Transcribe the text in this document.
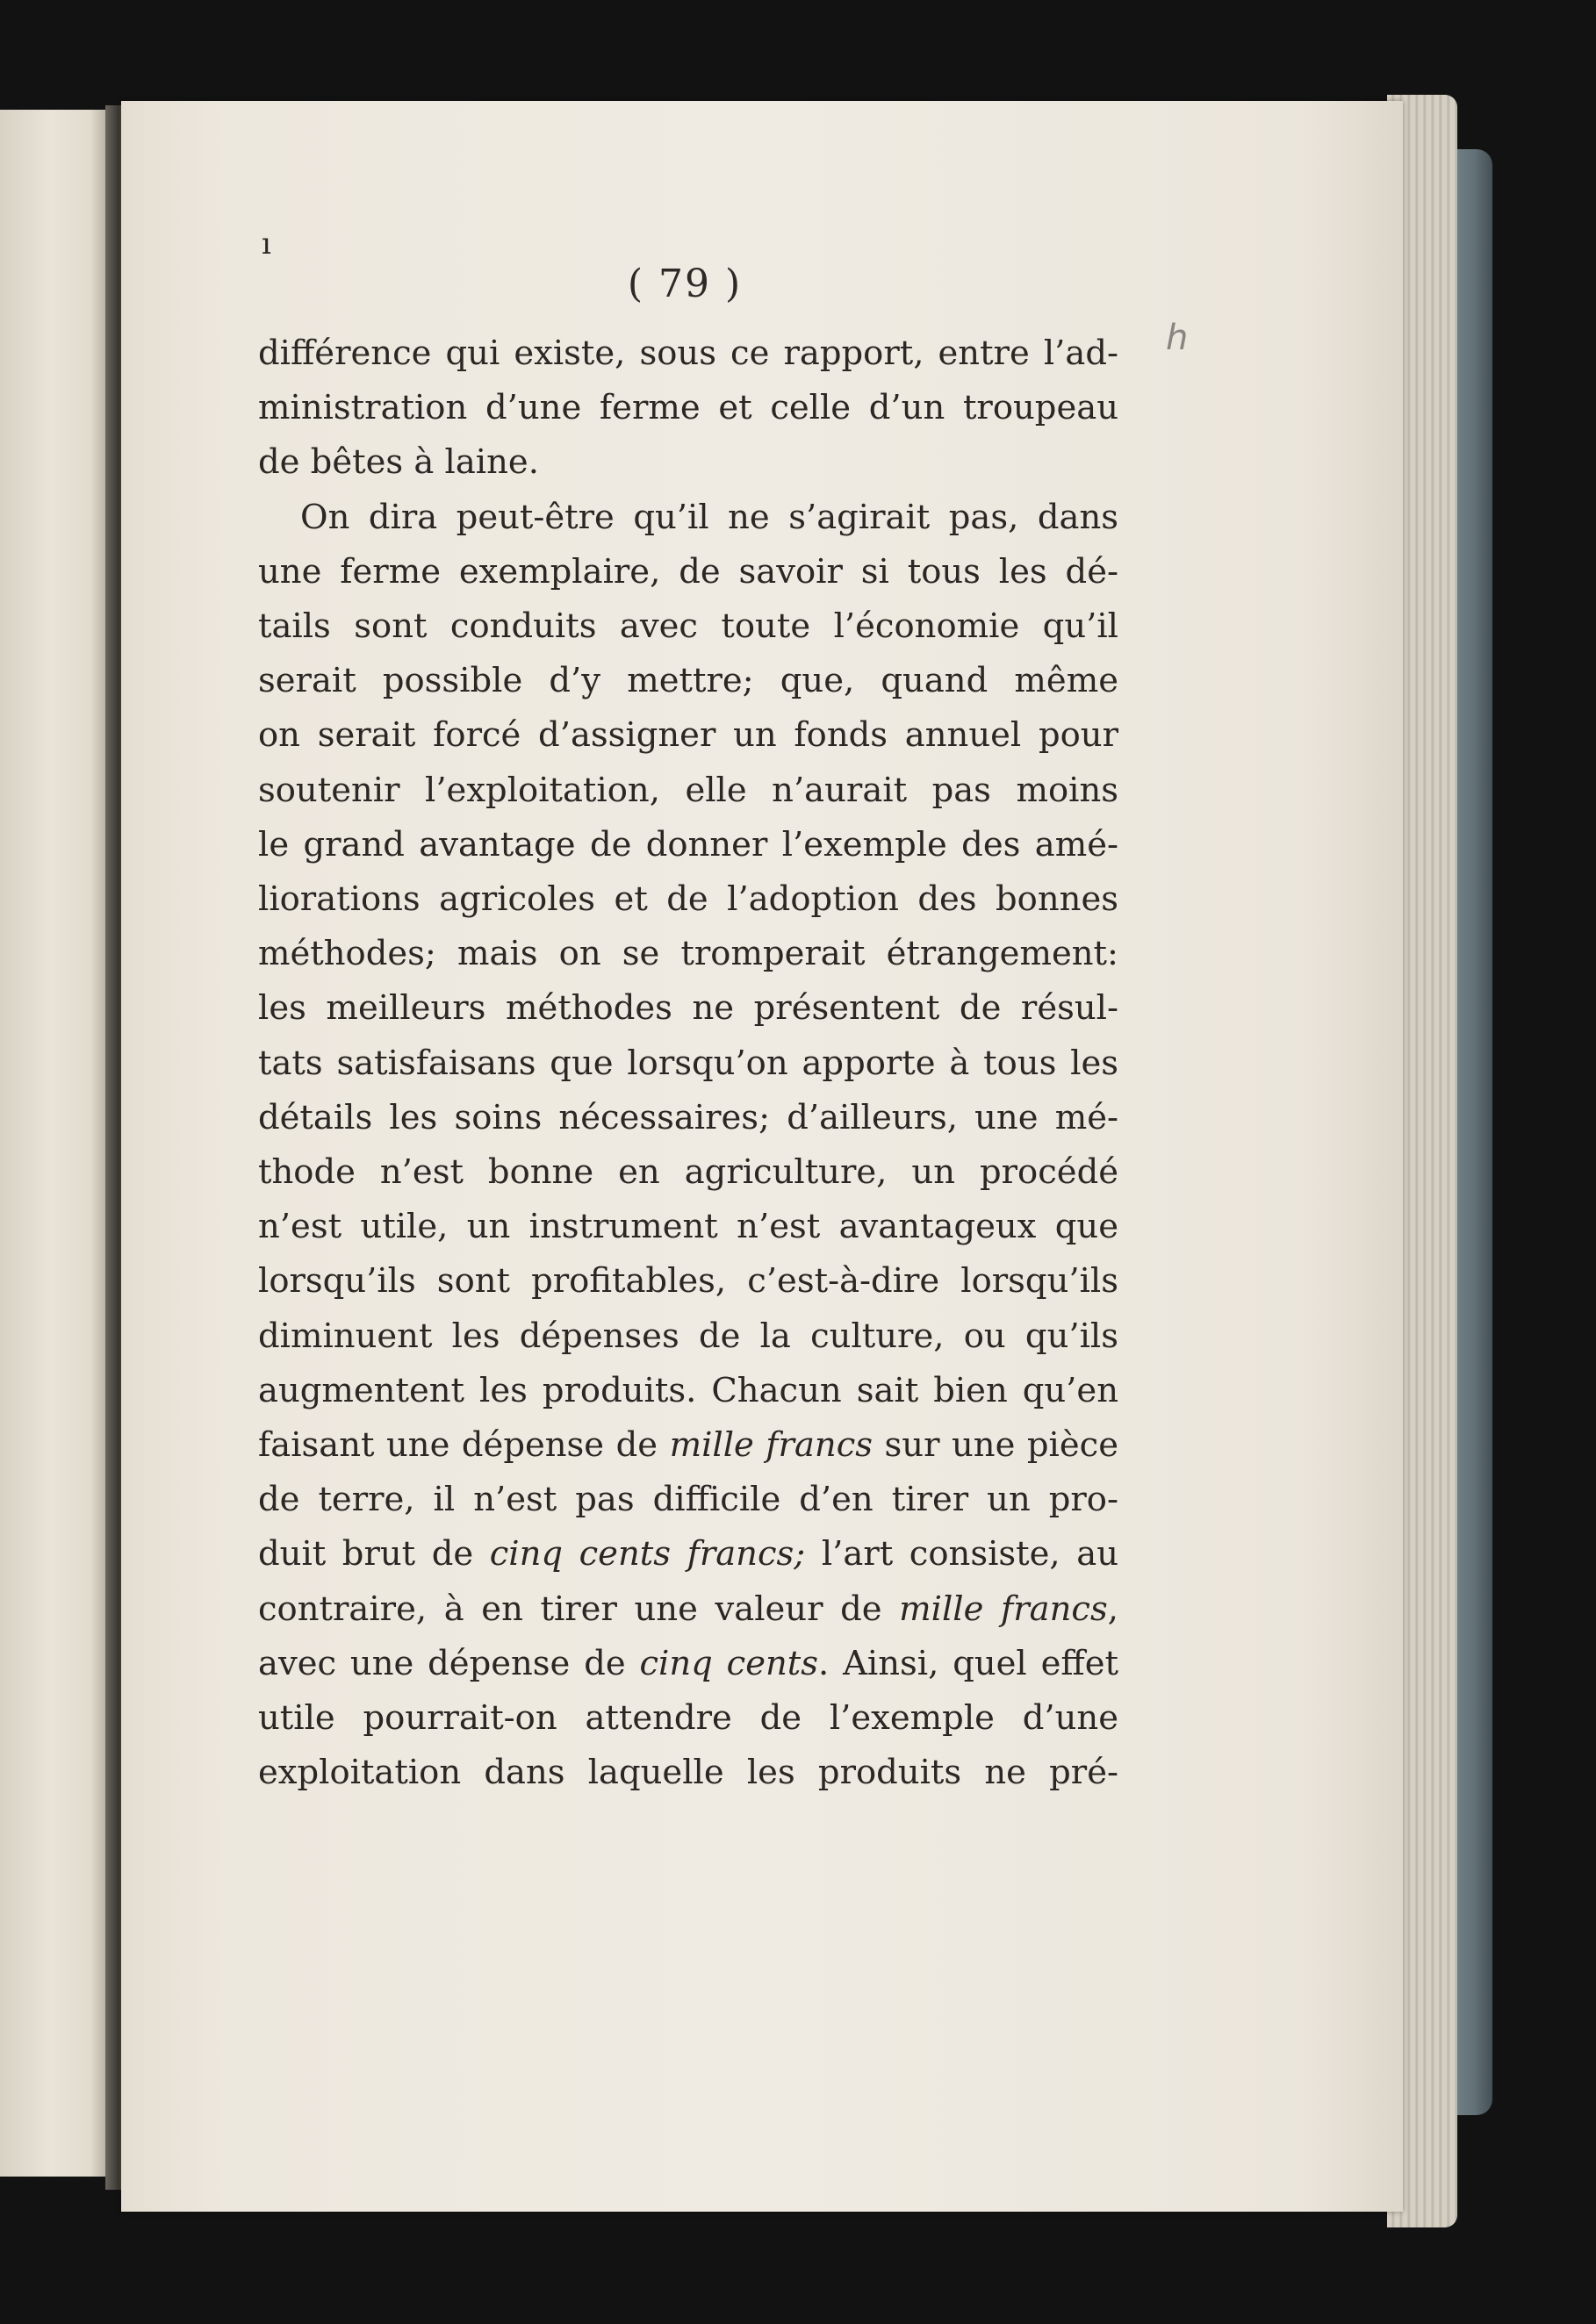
ı
h
( 79 )
différence qui existe, sous ce rapport, entre l’ad-
ministration d’une ferme et celle d’un troupeau
de bêtes à laine.
On dira peut-être qu’il ne s’agirait pas, dans
une ferme exemplaire, de savoir si tous les dé-
tails sont conduits avec toute l’économie qu’il
serait possible d’y mettre; que, quand même
on serait forcé d’assigner un fonds annuel pour
soutenir l’exploitation, elle n’aurait pas moins
le grand avantage de donner l’exemple des amé-
liorations agricoles et de l’adoption des bonnes
méthodes; mais on se tromperait étrangement:
les meilleurs méthodes ne présentent de résul-
tats satisfaisans que lorsqu’on apporte à tous les
détails les soins nécessaires; d’ailleurs, une mé-
thode n’est bonne en agriculture, un procédé
n’est utile, un instrument n’est avantageux que
lorsqu’ils sont profitables, c’est-à-dire lorsqu’ils
diminuent les dépenses de la culture, ou qu’ils
augmentent les produits. Chacun sait bien qu’en
faisant une dépense de mille francs sur une pièce
de terre, il n’est pas difficile d’en tirer un pro-
duit brut de cinq cents francs; l’art consiste, au
contraire, à en tirer une valeur de mille francs,
avec une dépense de cinq cents. Ainsi, quel effet
utile pourrait-on attendre de l’exemple d’une
exploitation dans laquelle les produits ne pré-
